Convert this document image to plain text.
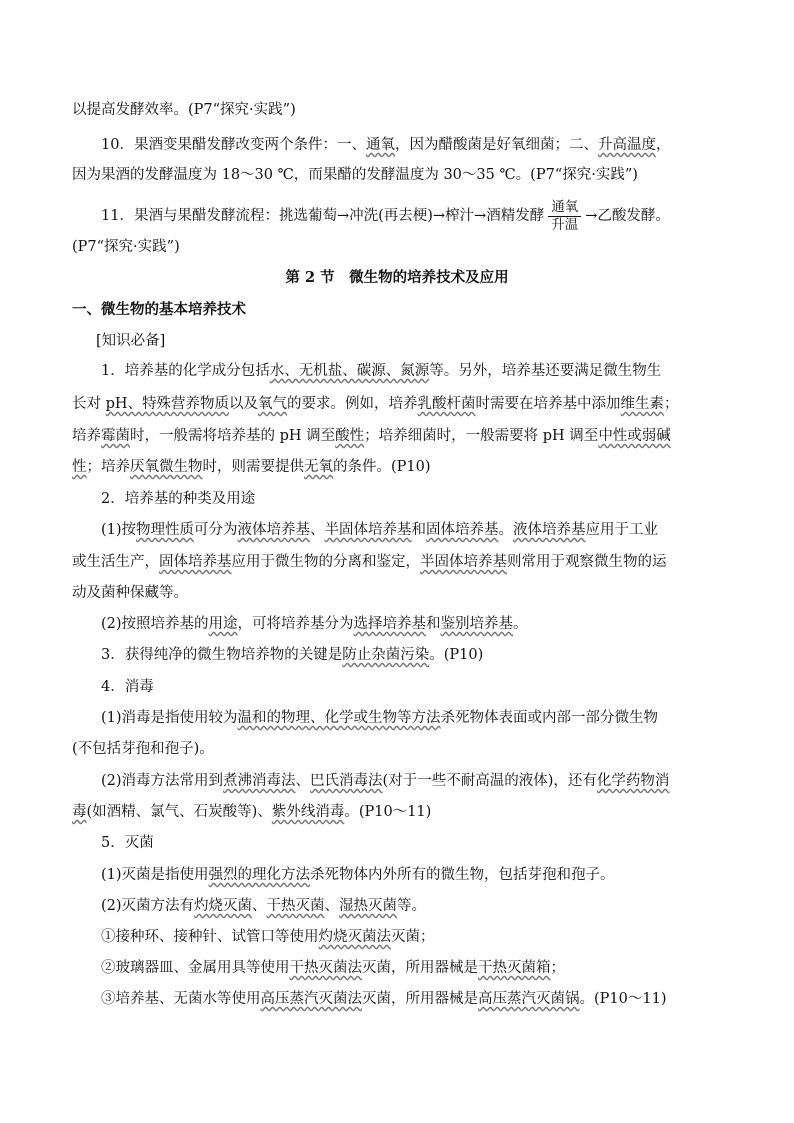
以提高发酵效率。(P7“探究·实践”)
10．果酒变果醋发酵改变两个条件：一、通氧，因为醋酸菌是好氧细菌；二、升高温度，
因为果酒的发酵温度为 18～30 ℃，而果醋的发酵温度为 30～35 ℃。(P7“探究·实践”)
11．果酒与果醋发酵流程：挑选葡萄→冲洗(再去梗)→榨汁→酒精发酵 $\frac{\text{通氧}}{\text{升温}}$ →乙酸发酵。
(P7“探究·实践”)
第 2 节　微生物的培养技术及应用
一、微生物的基本培养技术
[知识必备]
1．培养基的化学成分包括水、无机盐、碳源、氮源等。另外，培养基还要满足微生物生
长对 pH、特殊营养物质以及氧气的要求。例如，培养乳酸杆菌时需要在培养基中添加维生素；
培养霉菌时，一般需将培养基的 pH 调至酸性；培养细菌时，一般需要将 pH 调至中性或弱碱
性；培养厌氧微生物时，则需要提供无氧的条件。(P10)
2．培养基的种类及用途
(1)按物理性质可分为液体培养基、半固体培养基和固体培养基。液体培养基应用于工业
或生活生产，固体培养基应用于微生物的分离和鉴定，半固体培养基则常用于观察微生物的运
动及菌种保藏等。
(2)按照培养基的用途，可将培养基分为选择培养基和鉴别培养基。
3．获得纯净的微生物培养物的关键是防止杂菌污染。(P10)
4．消毒
(1)消毒是指使用较为温和的物理、化学或生物等方法杀死物体表面或内部一部分微生物
(不包括芽孢和孢子)。
(2)消毒方法常用到煮沸消毒法、巴氏消毒法(对于一些不耐高温的液体)，还有化学药物消
毒(如酒精、氯气、石炭酸等)、紫外线消毒。(P10～11)
5．灭菌
(1)灭菌是指使用强烈的理化方法杀死物体内外所有的微生物，包括芽孢和孢子。
(2)灭菌方法有灼烧灭菌、干热灭菌、湿热灭菌等。
①接种环、接种针、试管口等使用灼烧灭菌法灭菌；
②玻璃器皿、金属用具等使用干热灭菌法灭菌，所用器械是干热灭菌箱；
③培养基、无菌水等使用高压蒸汽灭菌法灭菌，所用器械是高压蒸汽灭菌锅。(P10～11)
